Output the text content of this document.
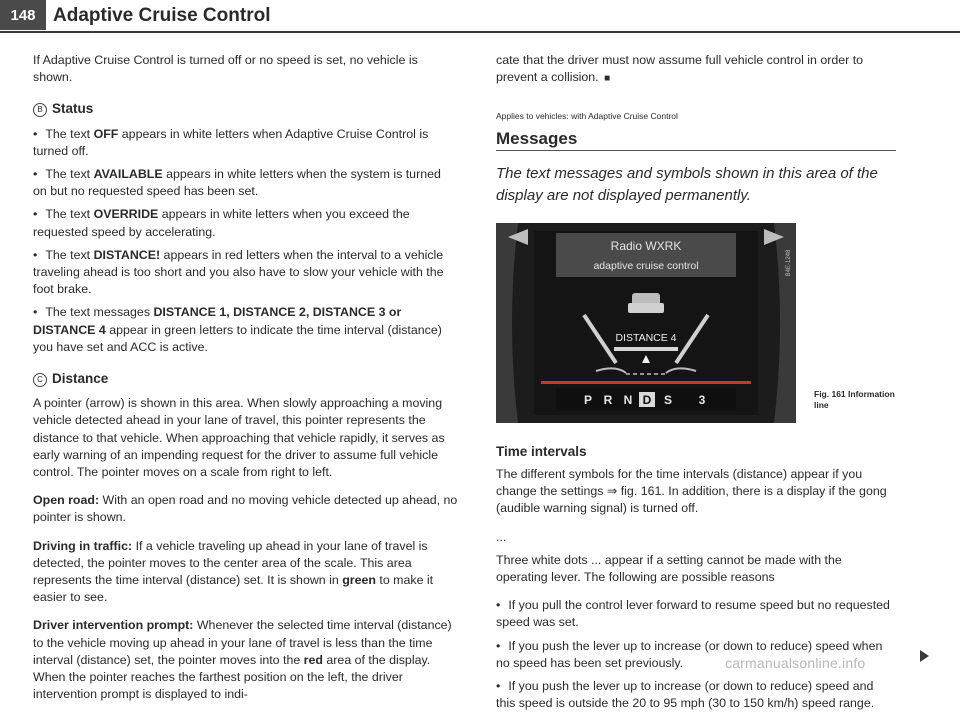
148 Adaptive Cruise Control

If Adaptive Cruise Control is turned off or no speed is set, no vehicle is shown.

B Status

• The text OFF appears in white letters when Adaptive Cruise Control is turned off.

• The text AVAILABLE appears in white letters when the system is turned on but no requested speed has been set.

• The text OVERRIDE appears in white letters when you exceed the requested speed by accelerating.

• The text DISTANCE! appears in red letters when the interval to a vehicle traveling ahead is too short and you also have to slow your vehicle with the foot brake.

• The text messages DISTANCE 1, DISTANCE 2, DISTANCE 3 or DISTANCE 4 appear in green letters to indicate the time interval (distance) you have set and ACC is active.

C Distance

A pointer (arrow) is shown in this area. When slowly approaching a moving vehicle detected ahead in your lane of travel, this pointer represents the distance to that vehicle. When approaching that vehicle rapidly, it serves as early warning of an impending request for the driver to assume full vehicle control. The pointer moves on a scale from right to left.

Open road: With an open road and no moving vehicle detected up ahead, no pointer is shown.

Driving in traffic: If a vehicle traveling up ahead in your lane of travel is detected, the pointer moves to the center area of the scale. This area represents the time interval (distance) set. It is shown in green to make it easier to see.

Driver intervention prompt: Whenever the selected time interval (distance) to the vehicle moving up ahead in your lane of travel is less than the time interval (distance) set, the pointer moves into the red area of the display. When the pointer reaches the farthest position on the left, the driver intervention prompt is displayed to indi-

cate that the driver must now assume full vehicle control in order to prevent a collision. ■

Applies to vehicles: with Adaptive Cruise Control
Messages
The text messages and symbols shown in this area of the display are not displayed permanently.
Radio WXRK
adaptive cruise control
DISTANCE 4
P R N D S 3
B4E-1248
Fig. 161 Information
line
Time intervals

The different symbols for the time intervals (distance) appear if you change the settings ⇒ fig. 161. In addition, there is a display if the gong (audible warning signal) is turned off.

...

Three white dots ... appear if a setting cannot be made with the operating lever. The following are possible reasons

• If you pull the control lever forward to resume speed but no requested speed was set.

• If you push the lever up to increase (or down to reduce) speed when no speed has been set previously.

• If you push the lever up to increase (or down to reduce) speed and this speed is outside the 20 to 95 mph (30 to 150 km/h) speed range.

carmanualsonline.info
